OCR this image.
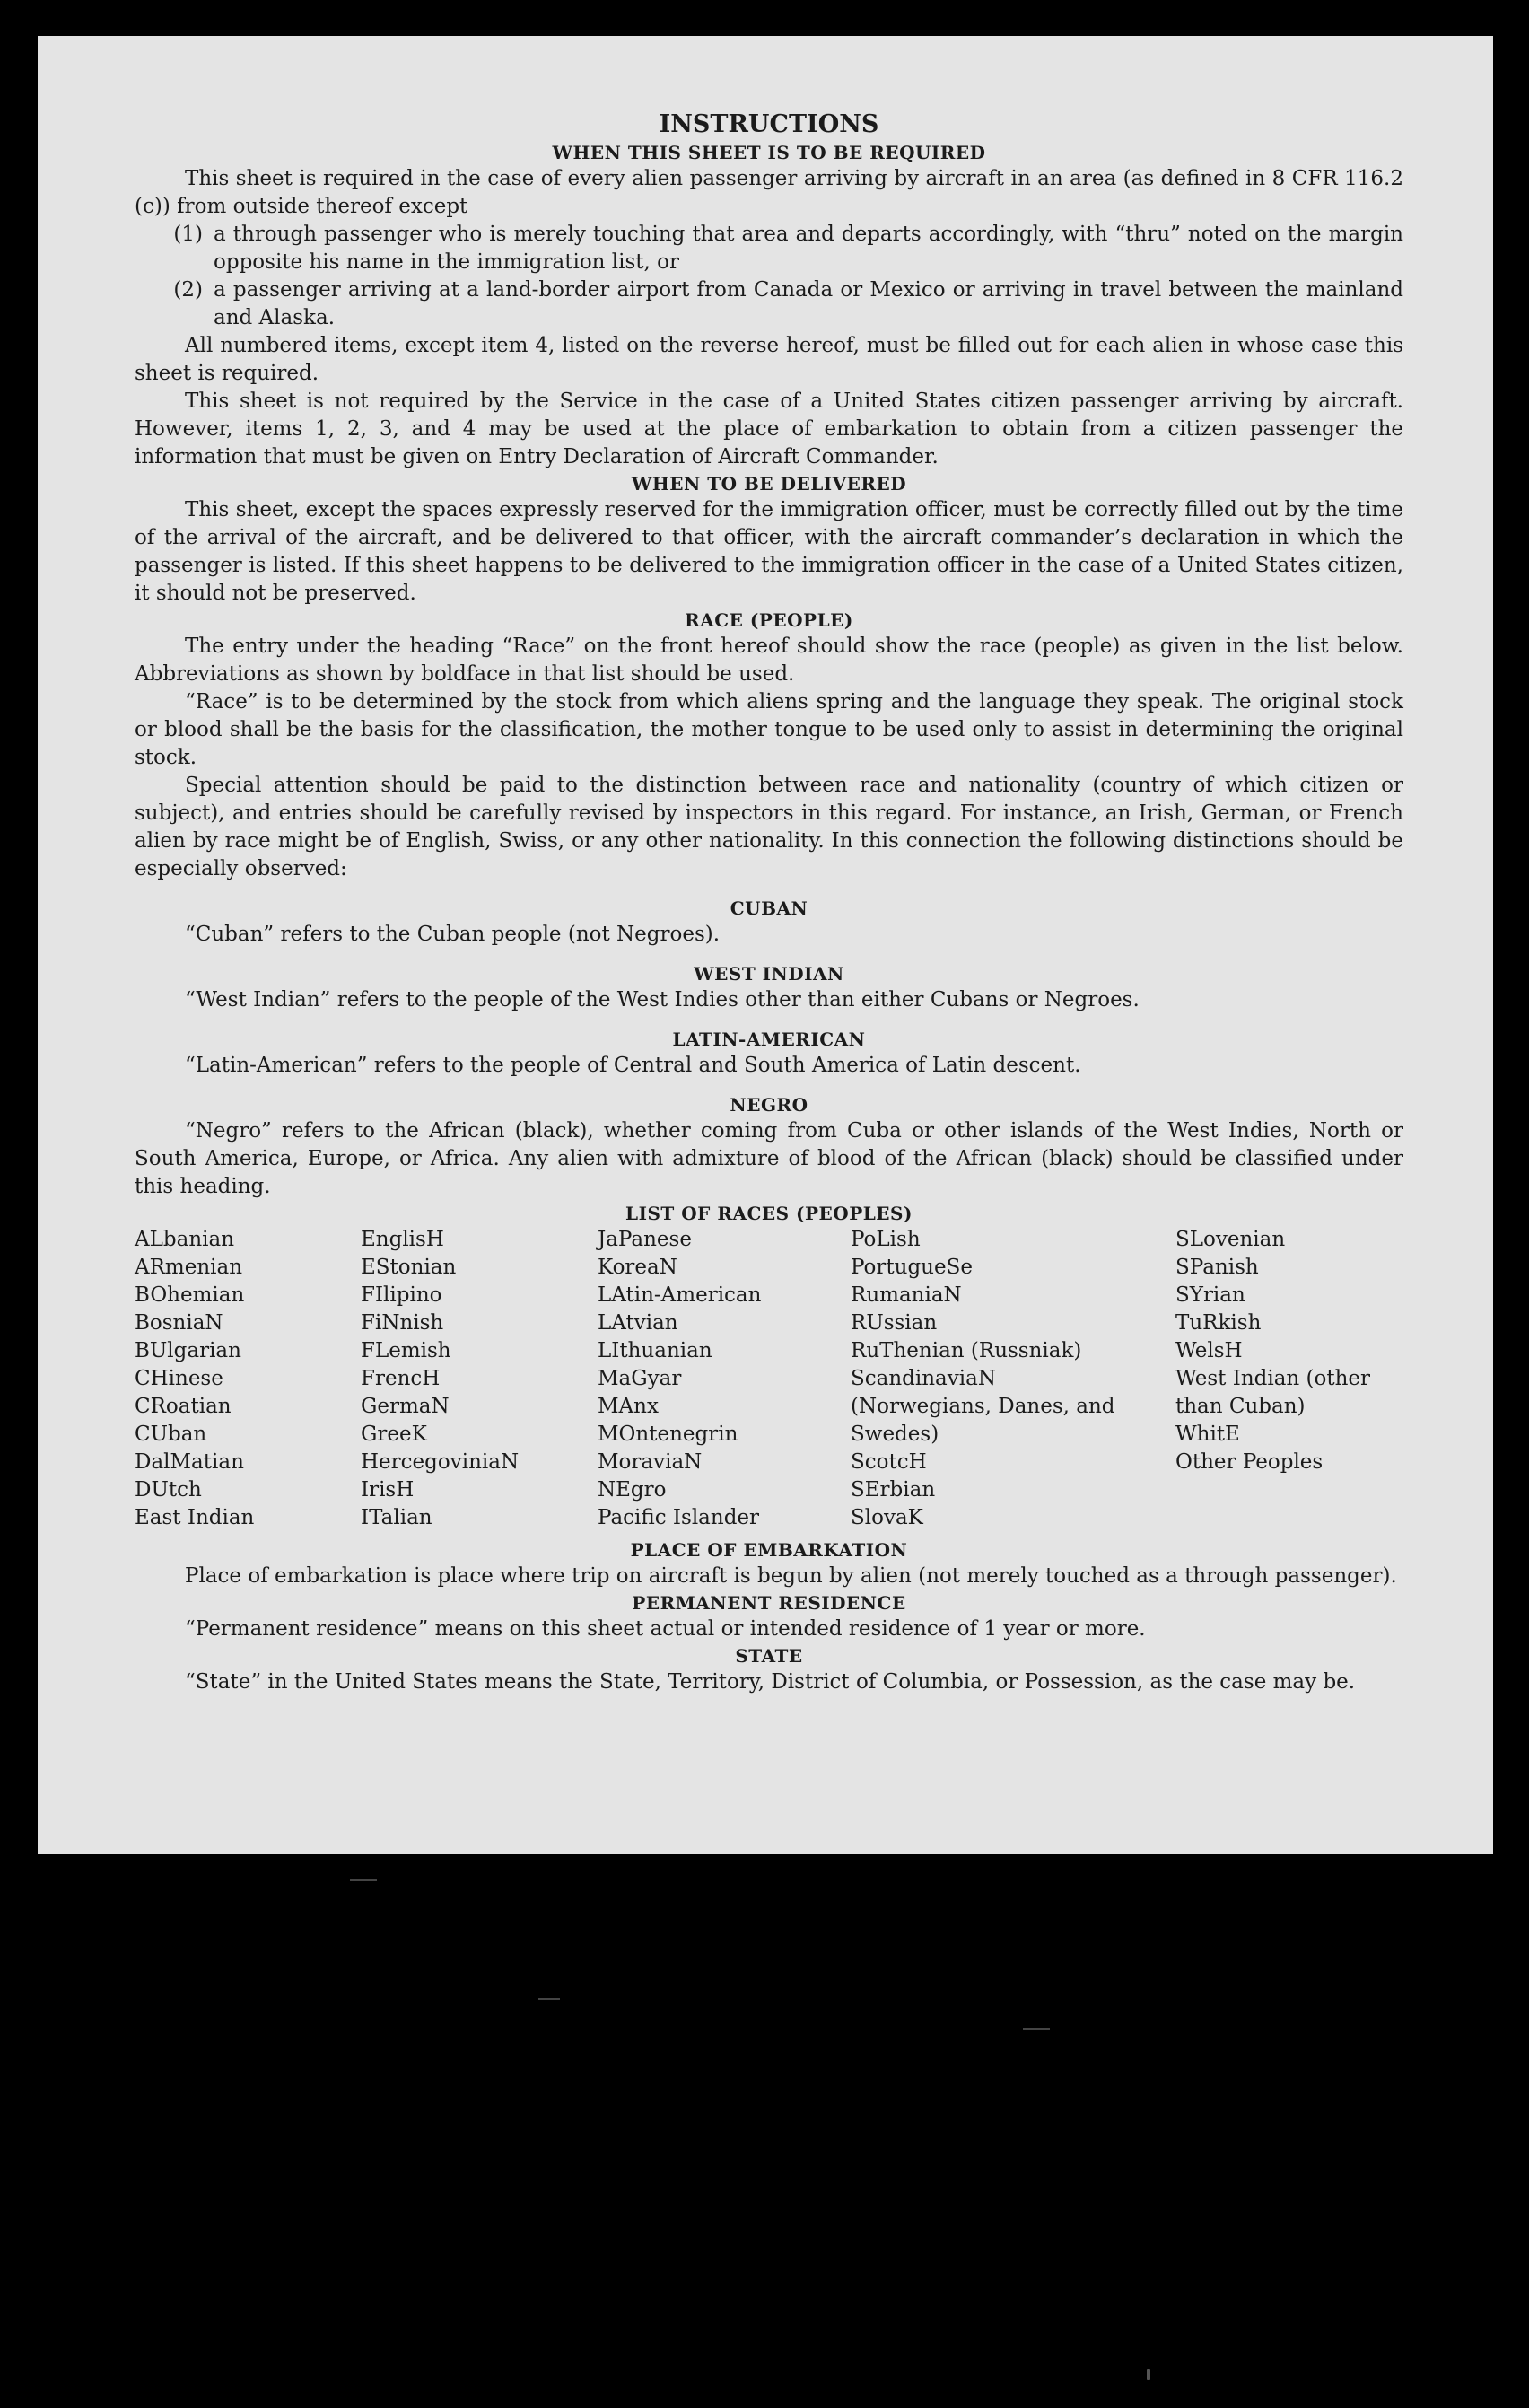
INSTRUCTIONS
WHEN THIS SHEET IS TO BE REQUIRED

This sheet is required in the case of every alien passenger arriving by aircraft in an area (as defined in 8 CFR 116.2 (c)) from outside thereof except

(1) a through passenger who is merely touching that area and departs accordingly, with “thru” noted on the margin opposite his name in the immigration list, or
(2) a passenger arriving at a land-border airport from Canada or Mexico or arriving in travel between the mainland and Alaska.

All numbered items, except item 4, listed on the reverse hereof, must be filled out for each alien in whose case this sheet is required.

This sheet is not required by the Service in the case of a United States citizen passenger arriving by aircraft. However, items 1, 2, 3, and 4 may be used at the place of embarkation to obtain from a citizen passenger the information that must be given on Entry Declaration of Aircraft Commander.

WHEN TO BE DELIVERED

This sheet, except the spaces expressly reserved for the immigration officer, must be correctly filled out by the time of the arrival of the aircraft, and be delivered to that officer, with the aircraft commander’s declaration in which the passenger is listed. If this sheet happens to be delivered to the immigration officer in the case of a United States citizen, it should not be preserved.

RACE (PEOPLE)

The entry under the heading “Race” on the front hereof should show the race (people) as given in the list below. Abbreviations as shown by boldface in that list should be used.

“Race” is to be determined by the stock from which aliens spring and the language they speak. The original stock or blood shall be the basis for the classification, the mother tongue to be used only to assist in determining the original stock.

Special attention should be paid to the distinction between race and nationality (country of which citizen or subject), and entries should be carefully revised by inspectors in this regard. For instance, an Irish, German, or French alien by race might be of English, Swiss, or any other nationality. In this connection the following distinctions should be especially observed:

CUBAN
“Cuban” refers to the Cuban people (not Negroes).
WEST INDIAN
“West Indian” refers to the people of the West Indies other than either Cubans or Negroes.
LATIN-AMERICAN
“Latin-American” refers to the people of Central and South America of Latin descent.
NEGRO

“Negro” refers to the African (black), whether coming from Cuba or other islands of the West Indies, North or South America, Europe, or Africa. Any alien with admixture of blood of the African (black) should be classified under this heading.

LIST OF RACES (PEOPLES)
ALbanian
ARmenian
BOhemian
BosniaN
BUlgarian
CHinese
CRoatian
CUban
DalMatian
DUtch
East Indian
EnglisH
EStonian
FIlipino
FiNnish
FLemish
FrencH
GermaN
GreeK
HercegoviniaN
IrisH
ITalian
JaPanese
KoreaN
LAtin-American
LAtvian
LIthuanian
MaGyar
MAnx
MOntenegrin
MoraviaN
NEgro
Pacific Islander
PoLish
PortugueSe
RumaniaN
RUssian
RuThenian (Russniak)
ScandinaviaN (Norwegians, Danes, and Swedes)
ScotcH
SErbian
SlovaK
SLovenian
SPanish
SYrian
TuRkish
WelsH
West Indian (other than Cuban)
WhitE
Other Peoples
PLACE OF EMBARKATION

Place of embarkation is place where trip on aircraft is begun by alien (not merely touched as a through passenger).

PERMANENT RESIDENCE

“Permanent residence” means on this sheet actual or intended residence of 1 year or more.

STATE

“State” in the United States means the State, Territory, District of Columbia, or Possession, as the case may be.
